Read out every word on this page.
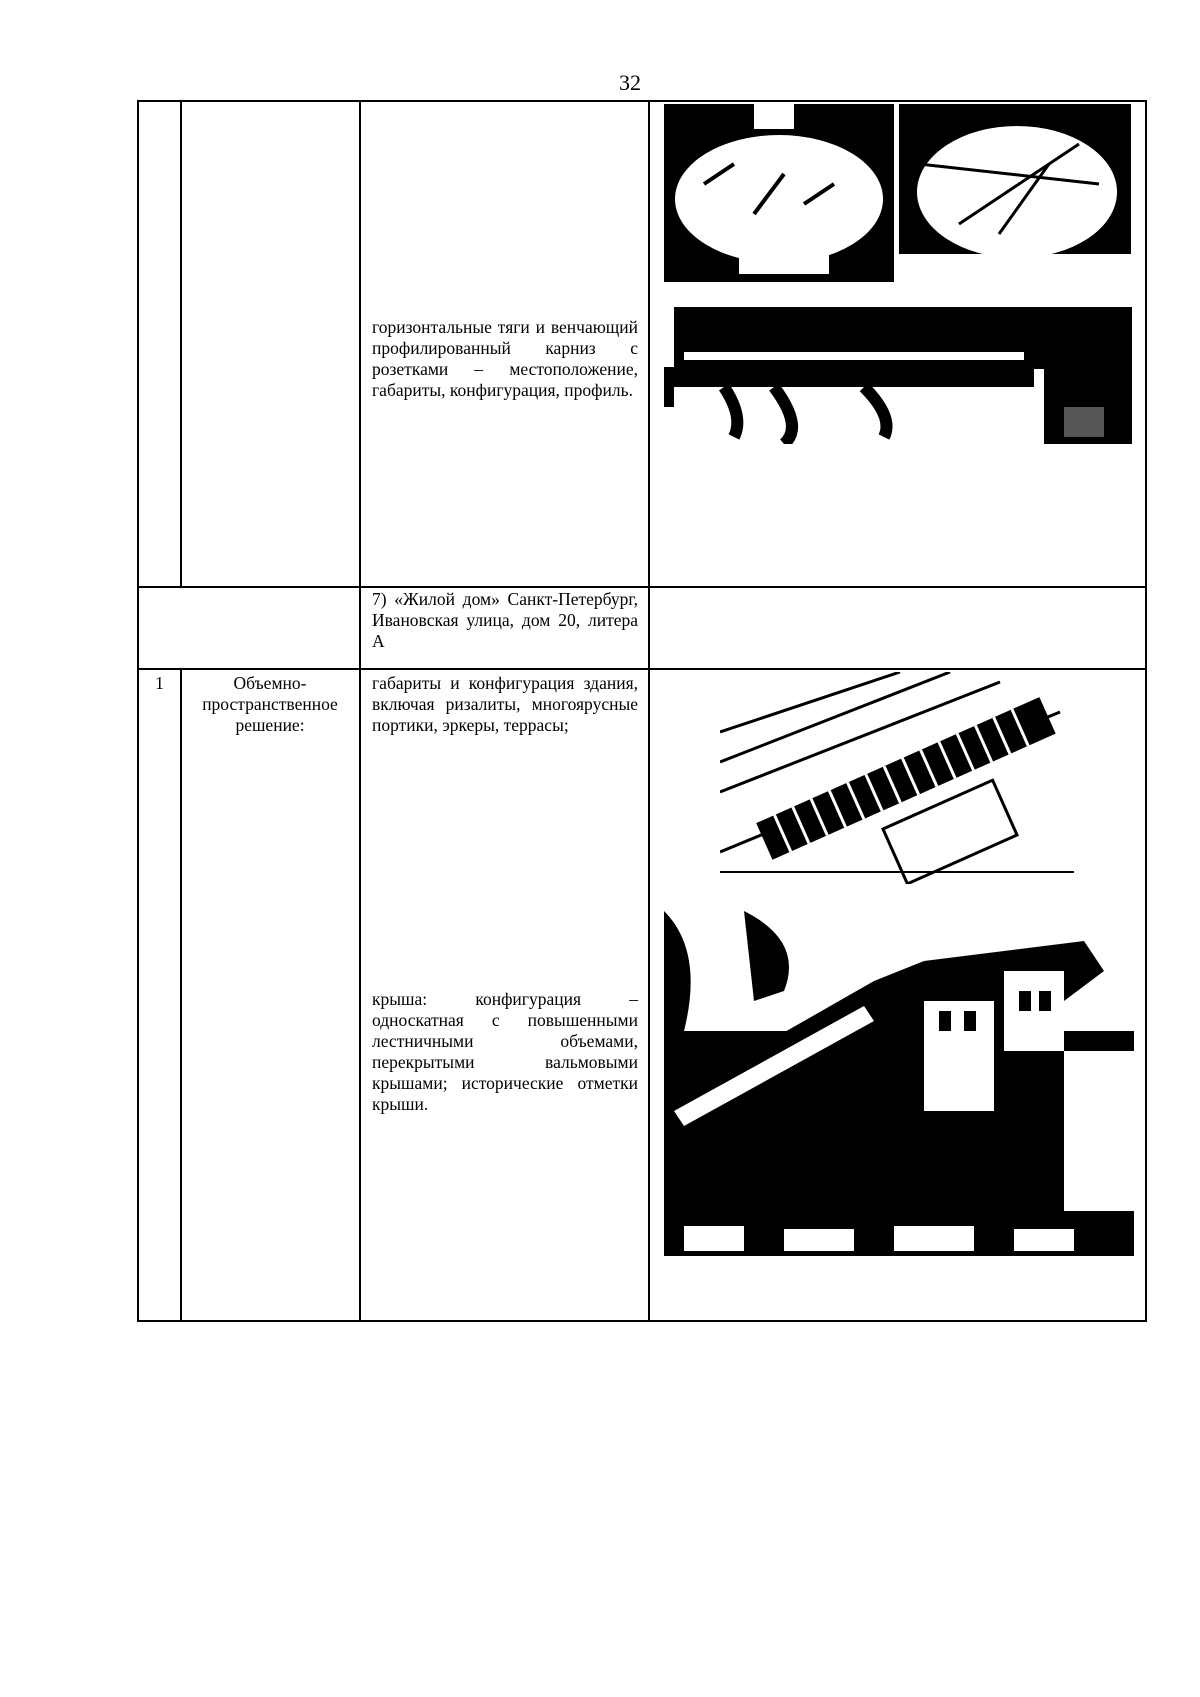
32
горизонтальные тяги и венчающий профилированный карниз с розетками – местоположение, габариты, конфигурация, профиль.
7) «Жилой дом» Санкт-Петербург, Ивановская улица, дом 20, литера А
1	Объемно-пространственное решение:
габариты и конфигурация здания, включая ризалиты, многоярусные портики, эркеры, террасы;
крыша: конфигурация – односкатная с повышенными лестничными объемами, перекрытыми вальмовыми крышами; исторические отметки крыши.
